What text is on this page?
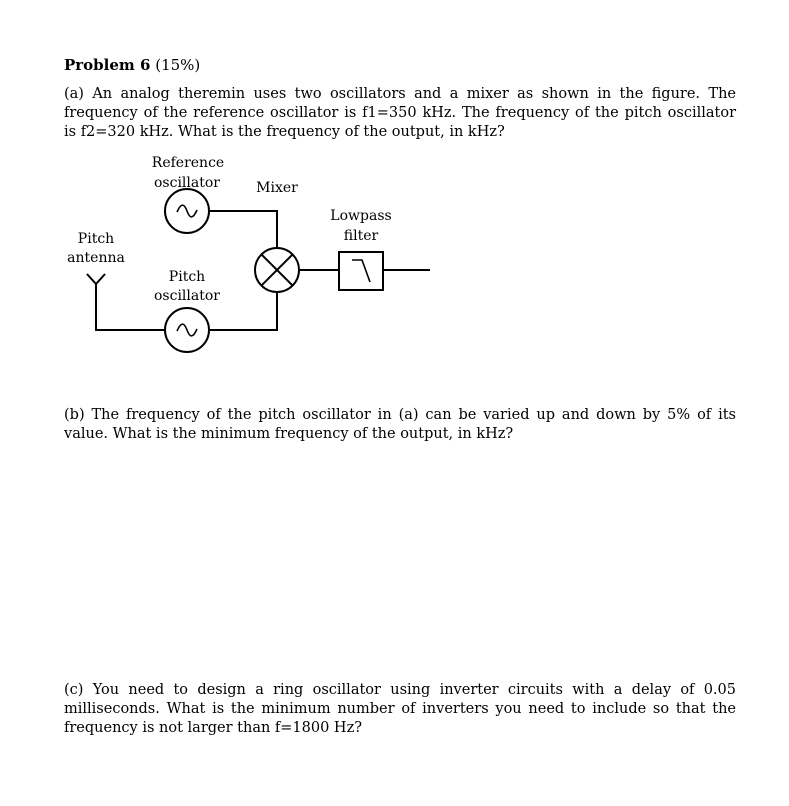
Problem 6 (15%)
(a) An analog theremin uses two oscillators and a mixer as shown in the figure. The frequency of the reference oscillator is f1=350 kHz. The frequency of the pitch oscillator is f2=320 kHz. What is the frequency of the output, in kHz?
Reference
oscillator	Mixer
Lowpass
filter
Pitch
antenna
Pitch
oscillator
(b) The frequency of the pitch oscillator in (a) can be varied up and down by 5% of its value. What is the minimum frequency of the output, in kHz?
(c) You need to design a ring oscillator using inverter circuits with a delay of 0.05 milliseconds. What is the minimum number of inverters you need to include so that the frequency is not larger than f=1800 Hz?
